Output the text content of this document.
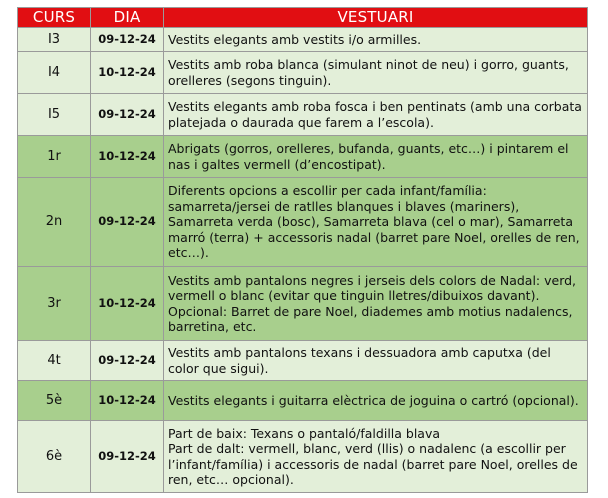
CURS	DIA	VESTUARI
I3	09-12-24	Vestits elegants amb vestits i/o armilles.
I4	10-12-24	Vestits amb roba blanca (simulant ninot de neu) i gorro, guants, orelleres (segons tinguin).
I5	09-12-24	Vestits elegants amb roba fosca i ben pentinats (amb una corbata platejada o daurada que farem a l’escola).
1r	10-12-24	Abrigats (gorros, orelleres, bufanda, guants, etc…) i pintarem el nas i galtes vermell (d’encostipat).
2n	09-12-24	Diferents opcions a escollir per cada infant/família: samarreta/jersei de ratlles blanques i blaves (mariners), Samarreta verda (bosc), Samarreta blava (cel o mar), Samarreta marró (terra) + accessoris nadal (barret pare Noel, orelles de ren, etc…).
3r	10-12-24	Vestits amb pantalons negres i jerseis dels colors de Nadal: verd, vermell o blanc (evitar que tinguin lletres/dibuixos davant). Opcional: Barret de pare Noel, diademes amb motius nadalencs, barretina, etc.
4t	09-12-24	Vestits amb pantalons texans i dessuadora amb caputxa (del color que sigui).
5è	10-12-24	Vestits elegants i guitarra elèctrica de joguina o cartró (opcional).
6è	09-12-24	Part de baix: Texans o pantaló/faldilla blava
Part de dalt: vermell, blanc, verd (llis) o nadalenc (a escollir per l’infant/família) i accessoris de nadal (barret pare Noel, orelles de ren, etc… opcional).
